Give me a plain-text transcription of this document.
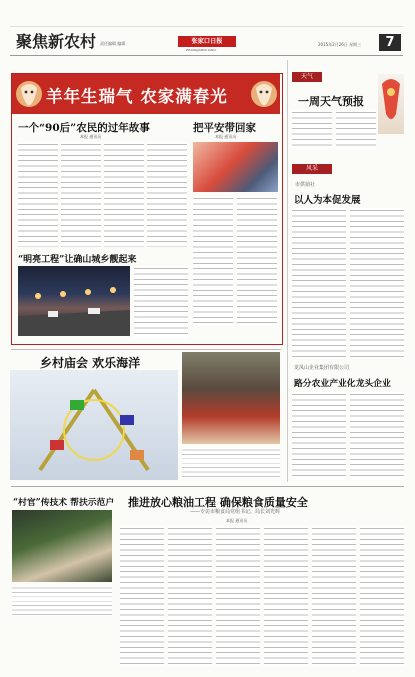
聚焦新农村 责任编辑 编辑	张家口日报
ZHANGJIAKOU DAILY
2015年2月26日 星期三	7
羊年生瑞气 农家满春光
一个“90后”农民的过年故事
本报 通讯员
把平安带回家
本报 通讯员
“明亮工程”让确山城乡靓起来
乡村庙会 欢乐海洋
“村官”传技术 帮扶示范户 推进放心粮油工程 确保粮食质量安全
——专访市粮食局党组书记、局长刘光辉
本报 通讯员
天气
一周天气预报
风采
市供销社
以人为本促发展
龙凤山企业集团有限公司
路分农业产业化龙头企业
